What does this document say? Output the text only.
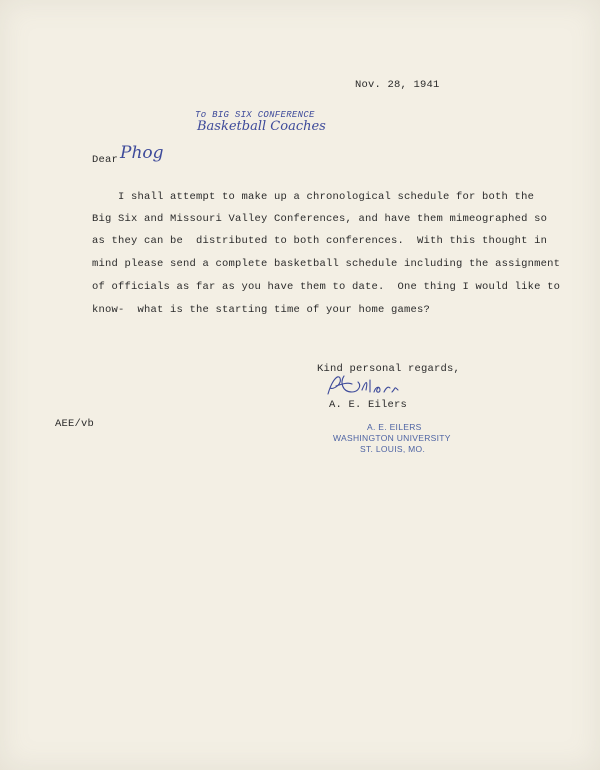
Nov. 28, 1941
To BIG SIX CONFERENCE
Basketball Coaches
Dear Phog
I shall attempt to make up a chronological schedule for both the
Big Six and Missouri Valley Conferences, and have them mimeographed so
as they can be  distributed to both conferences.  With this thought in
mind please send a complete basketball schedule including the assignment
of officials as far as you have them to date.  One thing I would like to
know-  what is the starting time of your home games?
Kind personal regards,
A. E. Eilers
AEE/vb	A. E. EILERS
WASHINGTON UNIVERSITY
ST. LOUIS, MO.
